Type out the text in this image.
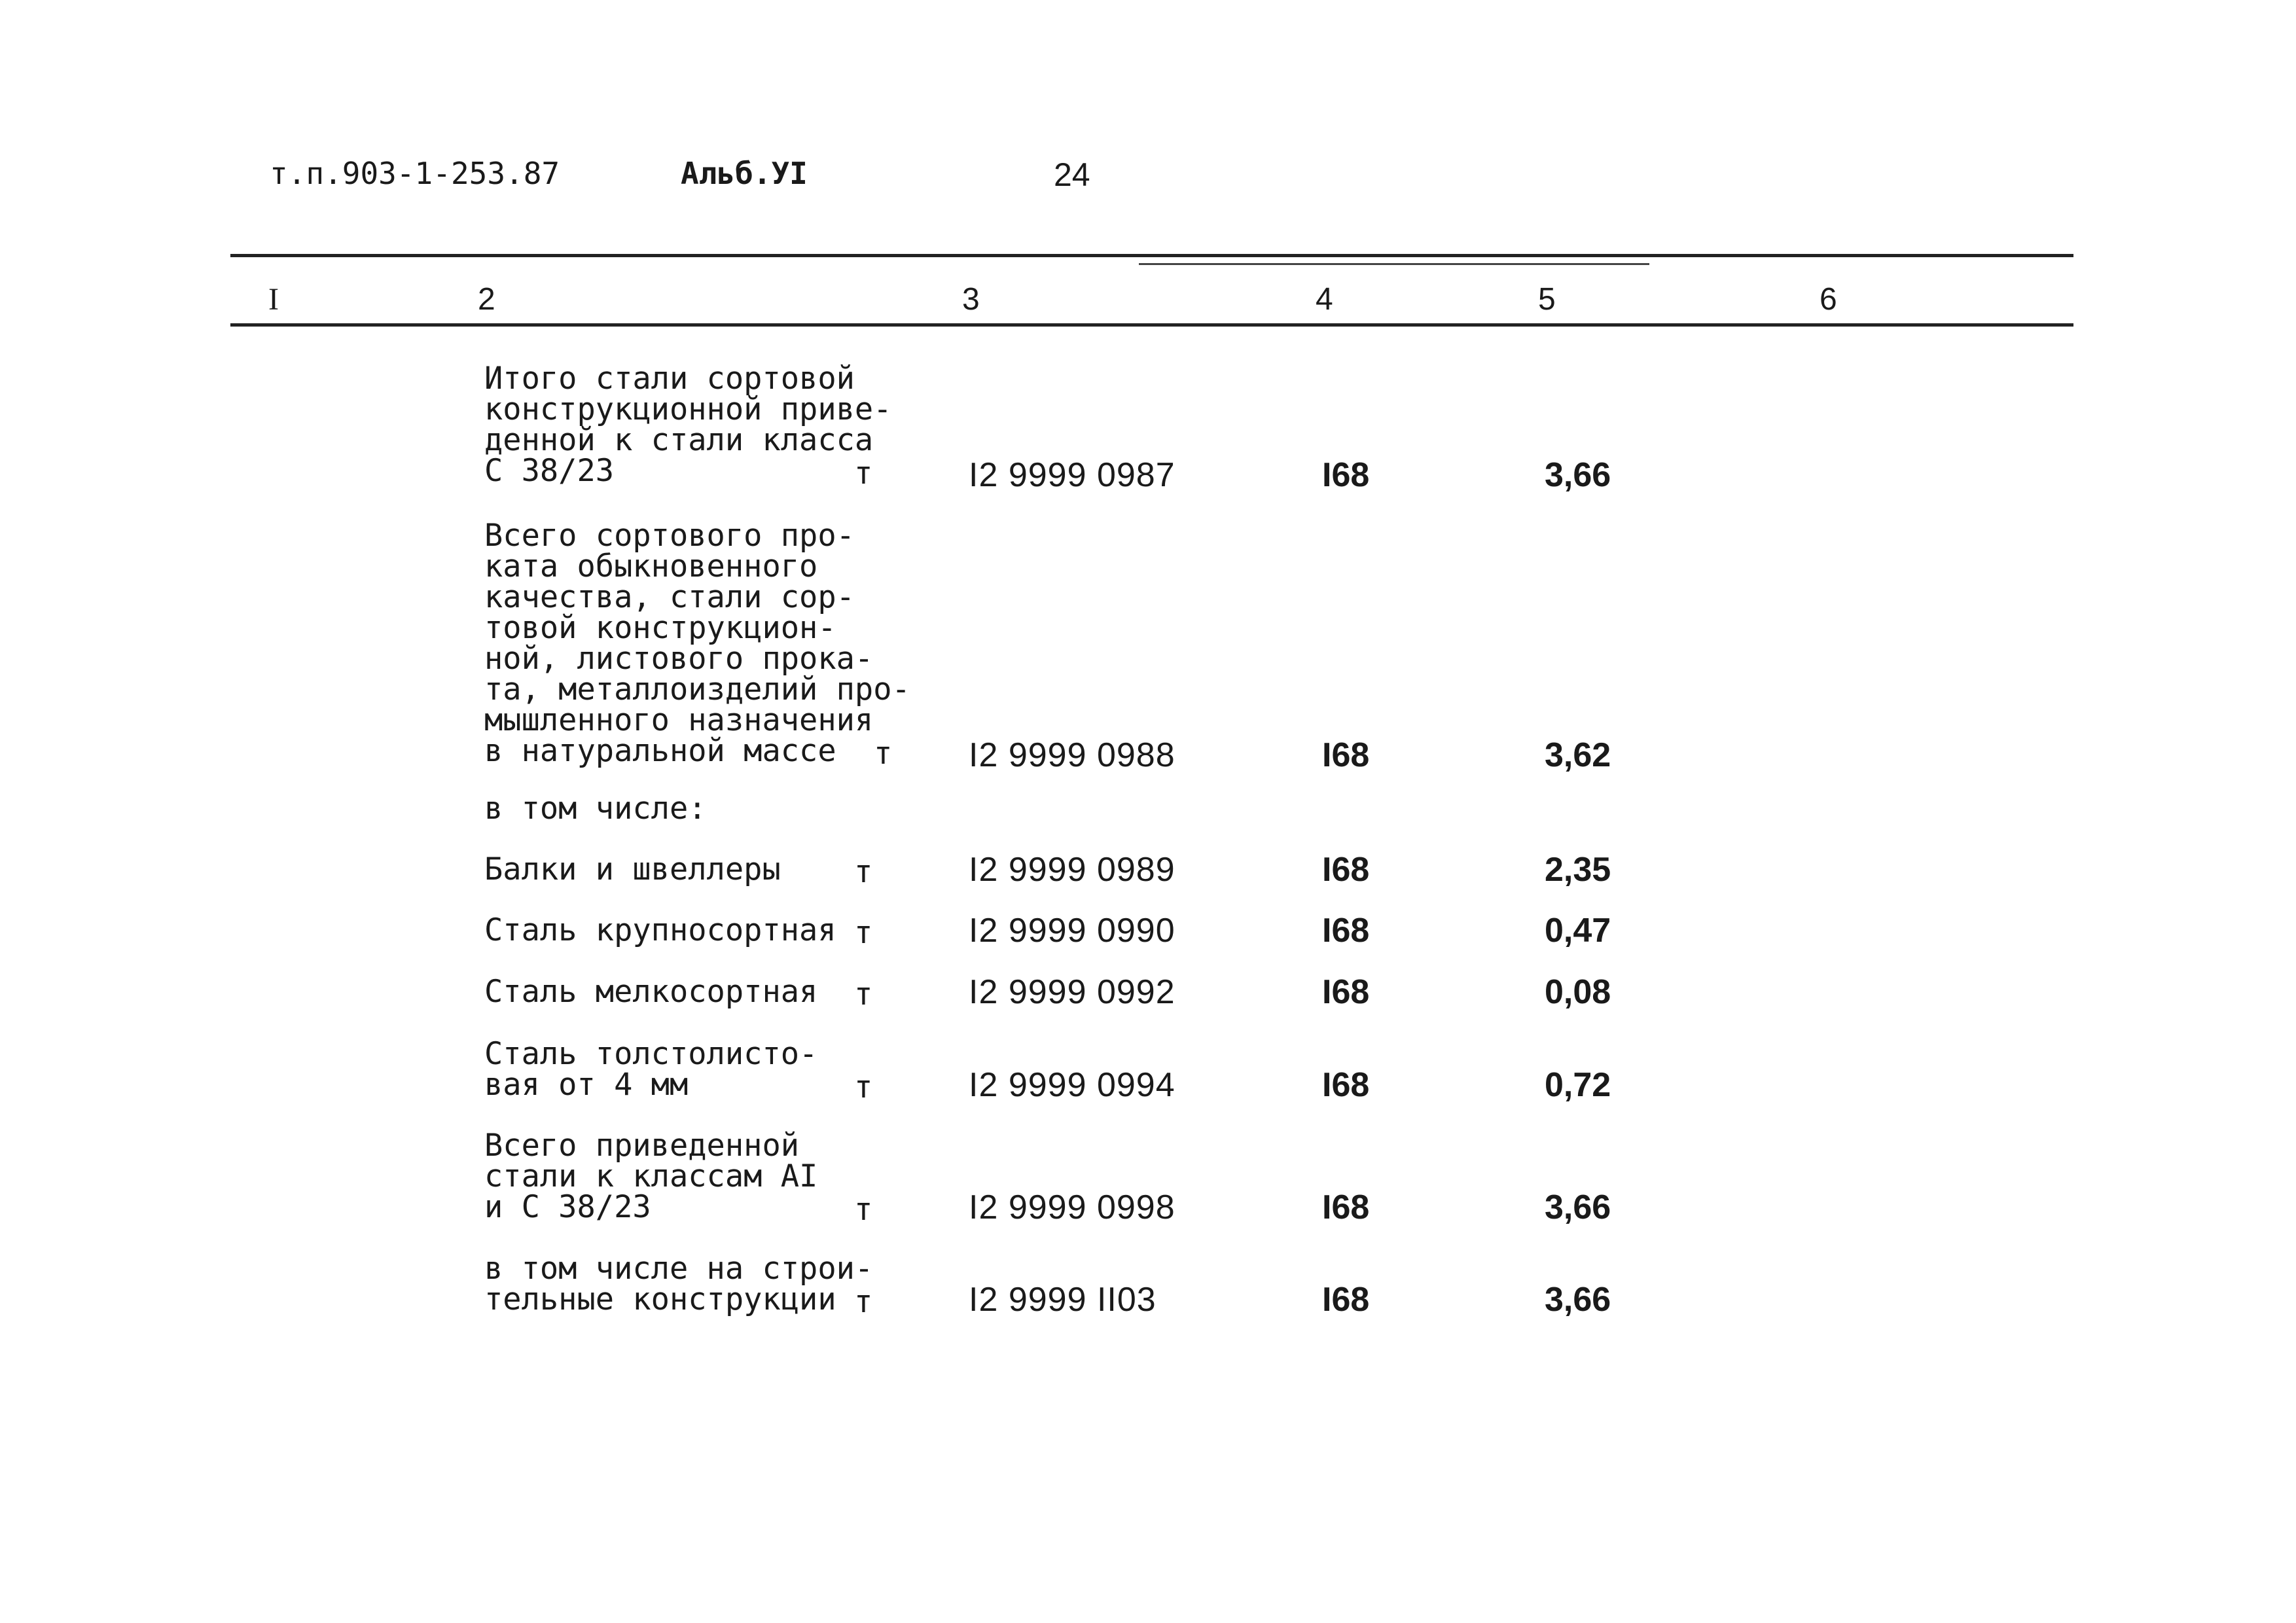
т.п.903-1-253.87	Альб.УI	24
I	2	3	4	5	6
Итого стали сортовой
конструкционной приве-
денной к стали класса
С 38/23	т	I2 9999 0987	I68	3,66
Всего сортового про-
ката обыкновенного
качества, стали сор-
товой конструкцион-
ной, листового прока-
та, металлоизделий про-
мышленного назначения
в натуральной массе	т I2 9999 0988	I68	3,62
в том числе:
Балки и швеллеры	т	I2 9999 0989	I68	2,35
Сталь крупносортная т	I2 9999 0990	I68	0,47
Сталь мелкосортная	т	I2 9999 0992	I68	0,08
Сталь толстолисто-
вая от 4 мм	т	I2 9999 0994	I68	0,72
Всего приведенной
стали к классам AI
и С 38/23	т	I2 9999 0998	I68	3,66
в том числе на строи-
тельные конструкции т	I2 9999 II03	I68	3,66
